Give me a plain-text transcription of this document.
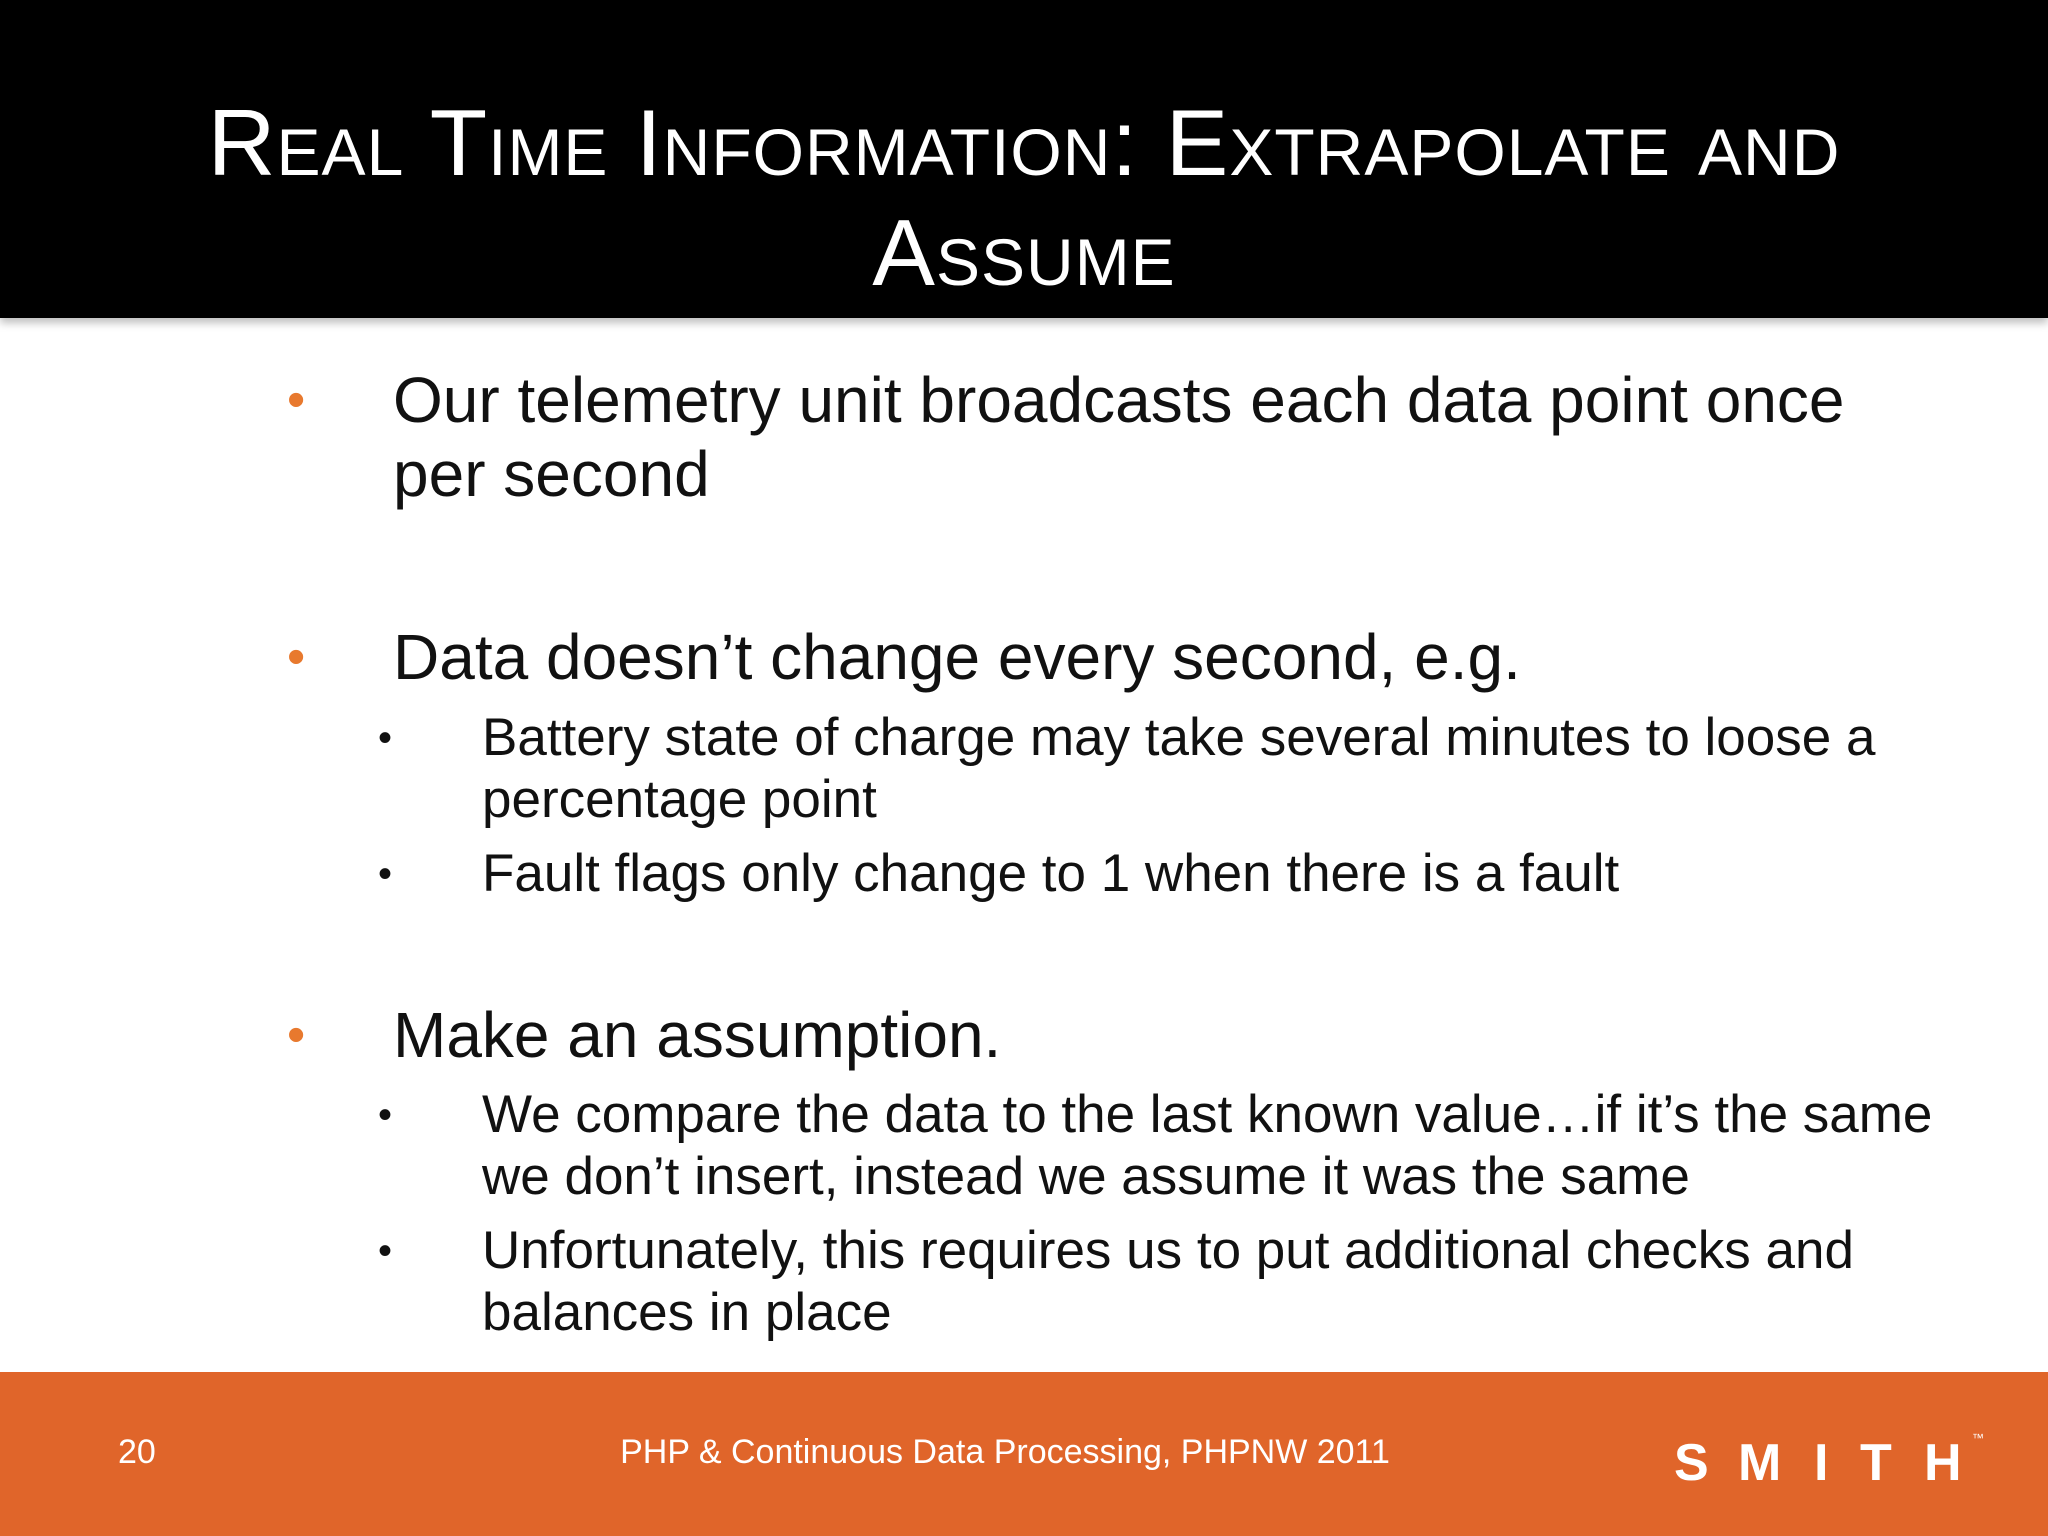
Real Time Information: Extrapolate and Assume
• Our telemetry unit broadcasts each data point once per second
• Data doesn’t change every second, e.g.
• Battery state of charge may take several minutes to loose a percentage point
• Fault flags only change to 1 when there is a fault
• Make an assumption.
• We compare the data to the last known value…if it’s the same we don’t insert, instead we assume it was the same
• Unfortunately, this requires us to put additional checks and balances in place
20	PHP & Continuous Data Processing, PHPNW 2011	S M I T H ™
